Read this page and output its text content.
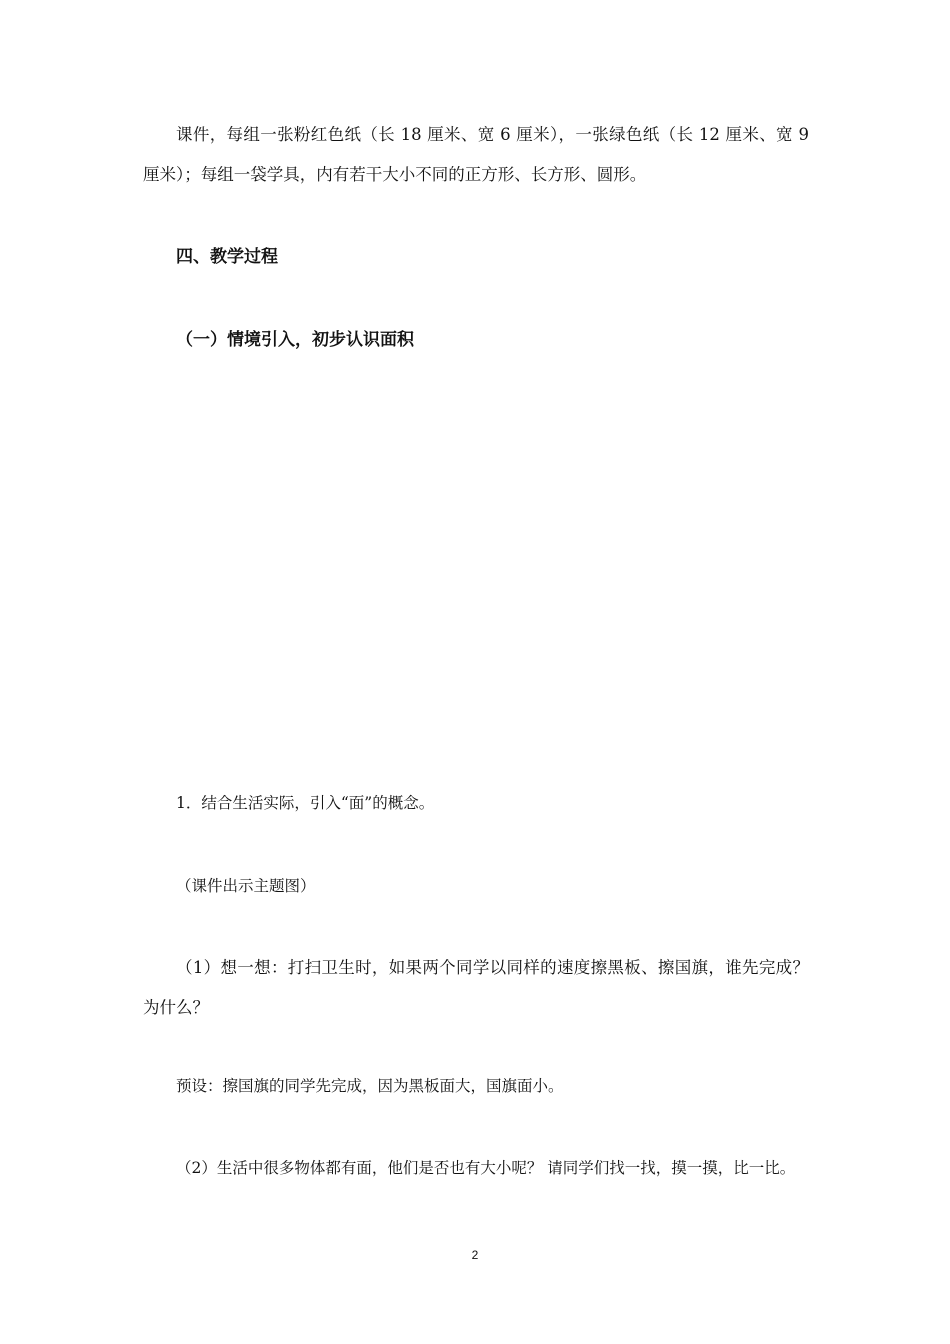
课件，每组一张粉红色纸（长 18 厘米、宽 6 厘米），一张绿色纸（长 12 厘米、宽 9 厘米）；每组一袋学具，内有若干大小不同的正方形、长方形、圆形。

四、教学过程
（一）情境引入，初步认识面积

1．结合生活实际，引入“面”的概念。

（课件出示主题图）

（1）想一想：打扫卫生时，如果两个同学以同样的速度擦黑板、擦国旗，谁先完成？为什么？

预设：擦国旗的同学先完成，因为黑板面大，国旗面小。

（2）生活中很多物体都有面，他们是否也有大小呢？ 请同学们找一找，摸一摸，比一比。

2
